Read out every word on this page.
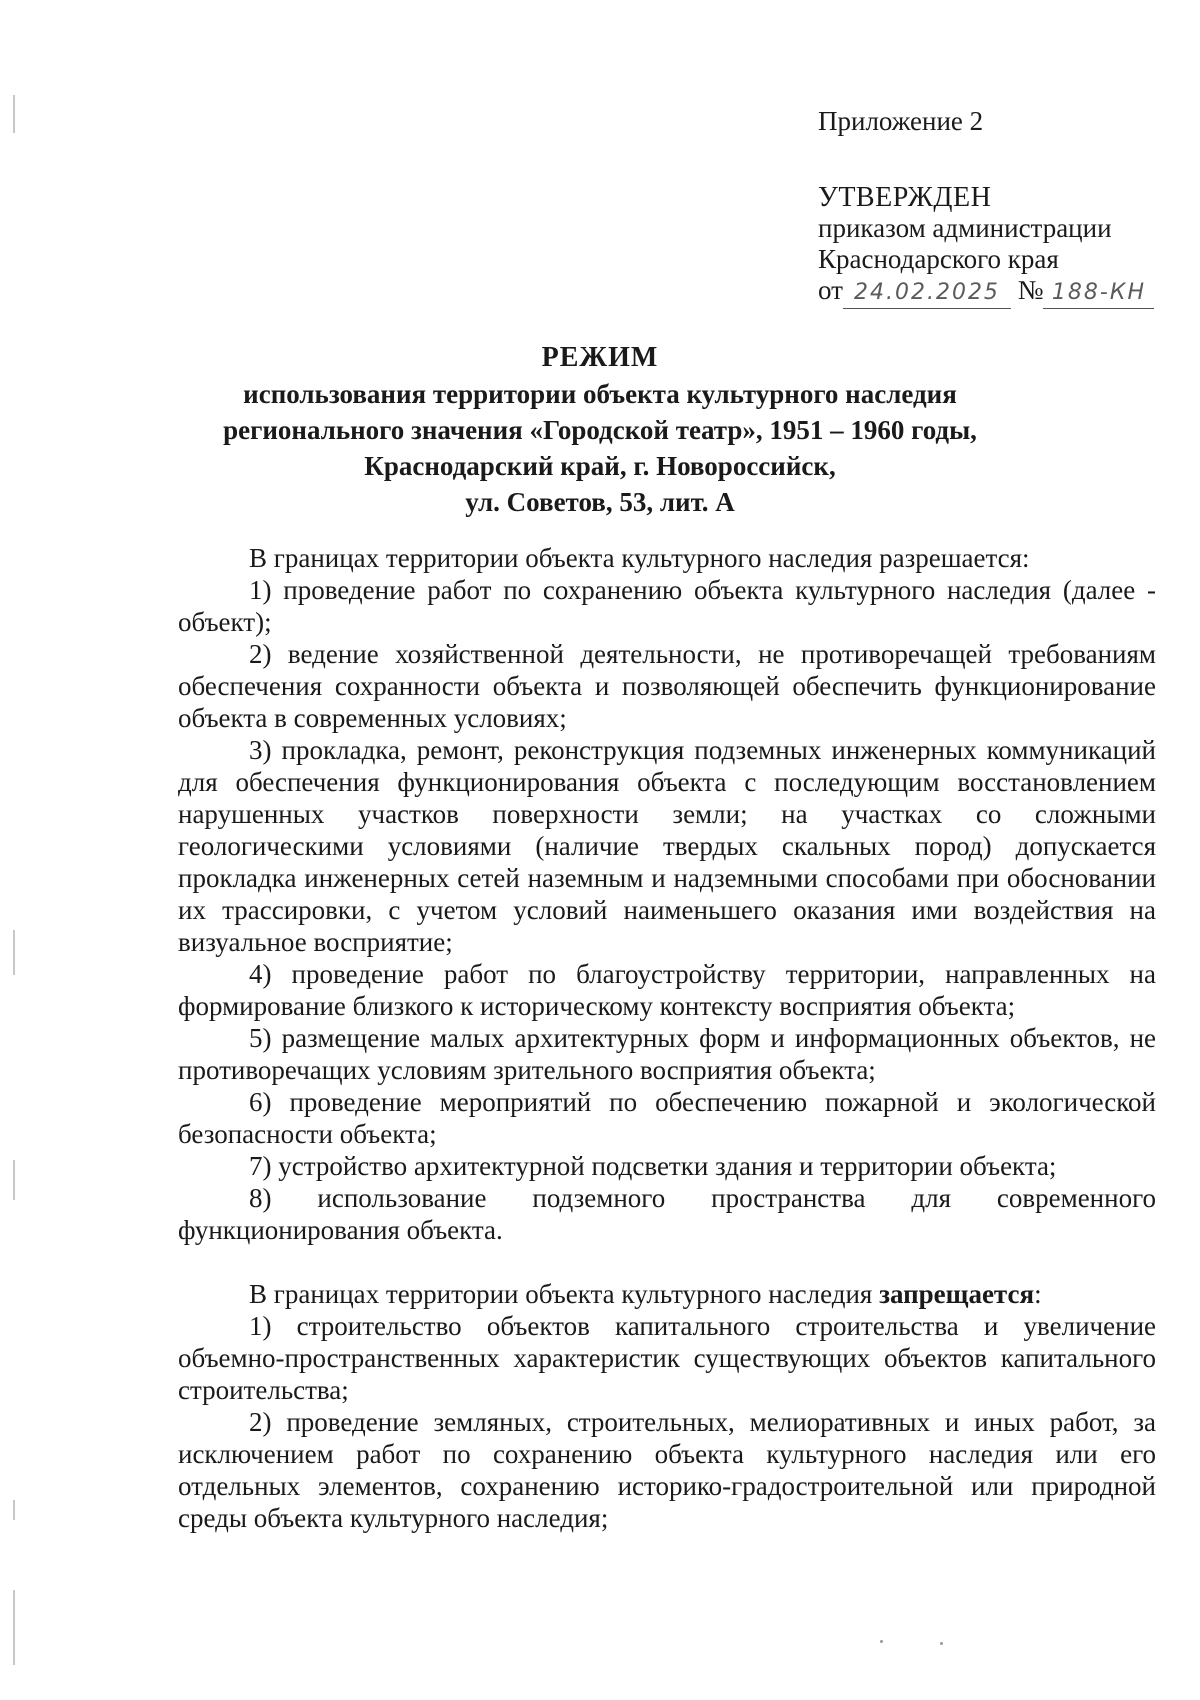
Приложение 2
УТВЕРЖДЕН
приказом администрации
Краснодарского края
от 24.02.2025 № 188-КН
РЕЖИМ
использования территории объекта культурного наследия
регионального значения «Городской театр», 1951 – 1960 годы,
Краснодарский край, г. Новороссийск,
ул. Советов, 53, лит. А

В границах территории объекта культурного наследия разрешается:

1) проведение работ по сохранению объекта культурного наследия (далее - объект);

2) ведение хозяйственной деятельности, не противоречащей требованиям обеспечения сохранности объекта и позволяющей обеспечить функционирование объекта в современных условиях;

3) прокладка, ремонт, реконструкция подземных инженерных коммуникаций для обеспечения функционирования объекта с последующим восстановлением нарушенных участков поверхности земли; на участках со сложными геологическими условиями (наличие твердых скальных пород) допускается прокладка инженерных сетей наземным и надземными способами при обосновании их трассировки, с учетом условий наименьшего оказания ими воздействия на визуальное восприятие;

4) проведение работ по благоустройству территории, направленных на формирование близкого к историческому контексту восприятия объекта;

5) размещение малых архитектурных форм и информационных объектов, не противоречащих условиям зрительного восприятия объекта;

6) проведение мероприятий по обеспечению пожарной и экологической безопасности объекта;

7) устройство архитектурной подсветки здания и территории объекта;

8) использование подземного пространства для современного функционирования объекта.

В границах территории объекта культурного наследия запрещается:

1) строительство объектов капитального строительства и увеличение объемно-пространственных характеристик существующих объектов капитального строительства;

2) проведение земляных, строительных, мелиоративных и иных работ, за исключением работ по сохранению объекта культурного наследия или его отдельных элементов, сохранению историко-градостроительной или природной среды объекта культурного наследия;
